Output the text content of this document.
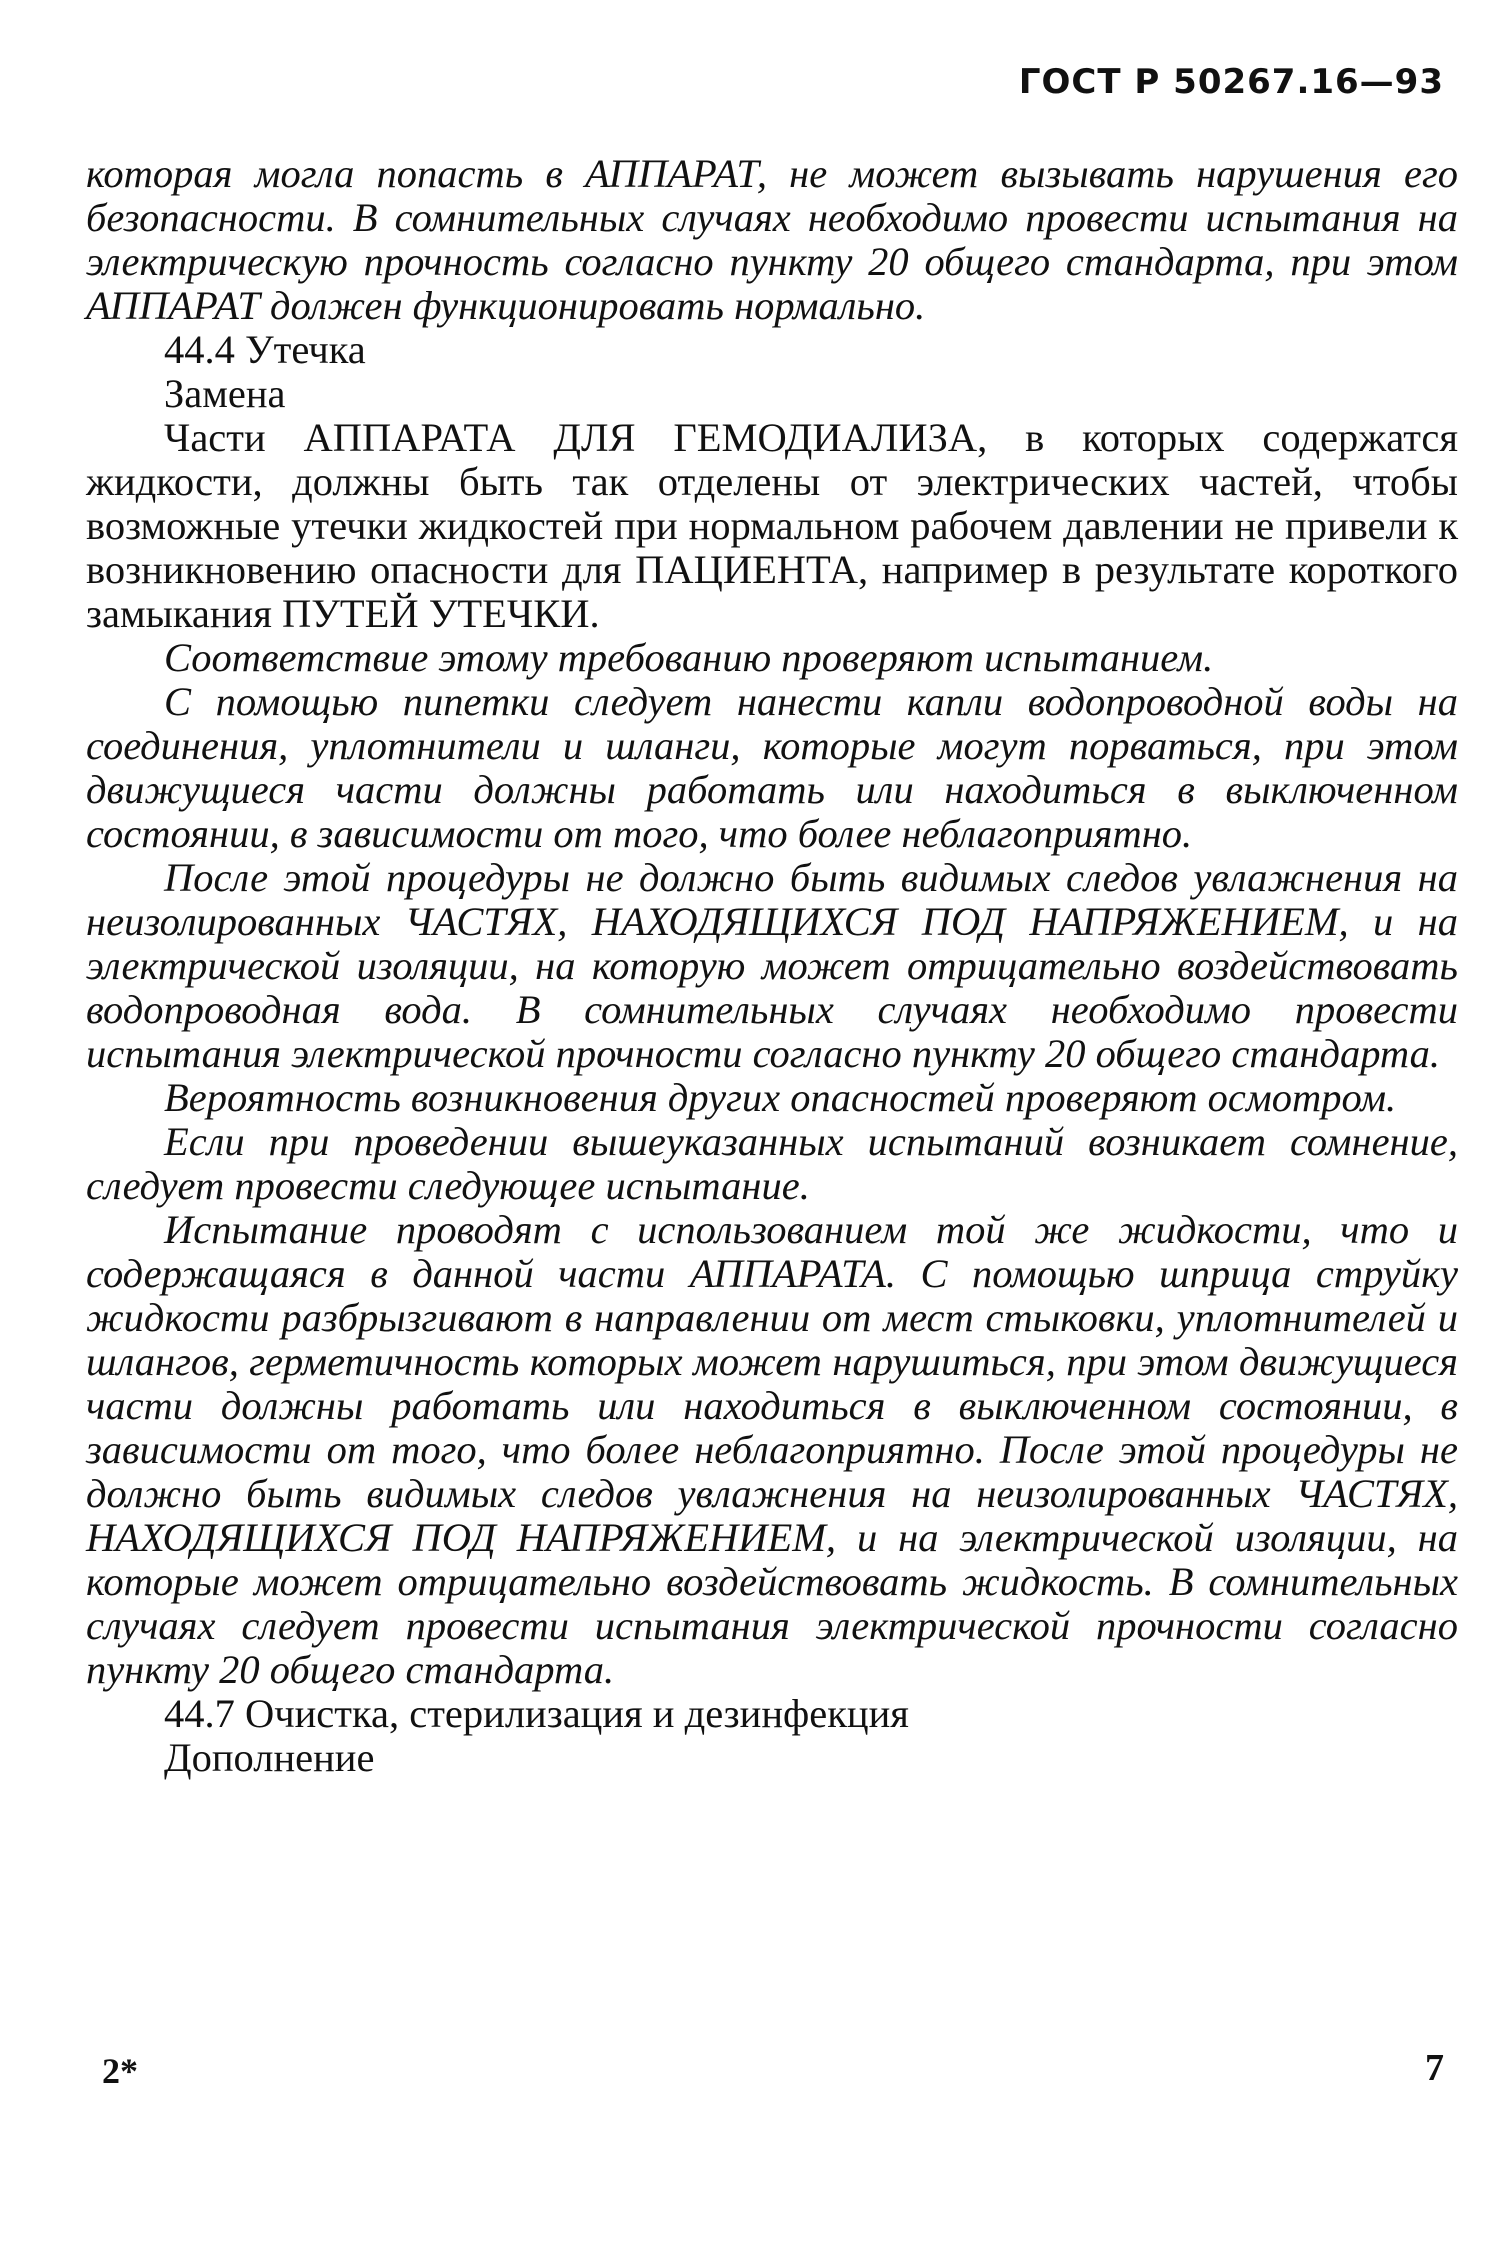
ГОСТ Р 50267.16—93

которая могла попасть в АППАРАТ, не может вызывать нарушения его безопасности. В сомнительных случаях необходимо провести испытания на электрическую прочность согласно пункту 20 общего стандарта, при этом АППАРАТ должен функционировать нормально.

44.4 Утечка

Замена

Части АППАРАТА ДЛЯ ГЕМОДИАЛИЗА, в которых содержатся жидкости, должны быть так отделены от электрических частей, чтобы возможные утечки жидкостей при нормальном рабочем давлении не привели к возникновению опасности для ПАЦИЕНТА, например в результате короткого замыкания ПУТЕЙ УТЕЧКИ.

Соответствие этому требованию проверяют испытанием.

С помощью пипетки следует нанести капли водопроводной воды на соединения, уплотнители и шланги, которые могут порваться, при этом движущиеся части должны работать или находиться в выключенном состоянии, в зависимости от того, что более неблагоприятно.

После этой процедуры не должно быть видимых следов увлажнения на неизолированных ЧАСТЯХ, НАХОДЯЩИХСЯ ПОД НАПРЯЖЕНИЕМ, и на электрической изоляции, на которую может отрицательно воздействовать водопроводная вода. В сомнительных случаях необходимо провести испытания электрической прочности согласно пункту 20 общего стандарта.

Вероятность возникновения других опасностей проверяют осмотром.

Если при проведении вышеуказанных испытаний возникает сомнение, следует провести следующее испытание.

Испытание проводят с использованием той же жидкости, что и содержащаяся в данной части АППАРАТА. С помощью шприца струйку жидкости разбрызгивают в направлении от мест стыковки, уплотнителей и шлангов, герметичность которых может нарушиться, при этом движущиеся части должны работать или находиться в выключенном состоянии, в зависимости от того, что более неблагоприятно. После этой процедуры не должно быть видимых следов увлажнения на неизолированных ЧАСТЯХ, НАХОДЯЩИХСЯ ПОД НАПРЯЖЕНИЕМ, и на электрической изоляции, на которые может отрицательно воздействовать жидкость. В сомнительных случаях следует провести испытания электрической прочности согласно пункту 20 общего стандарта.

44.7 Очистка, стерилизация и дезинфекция

Дополнение

2*	7
